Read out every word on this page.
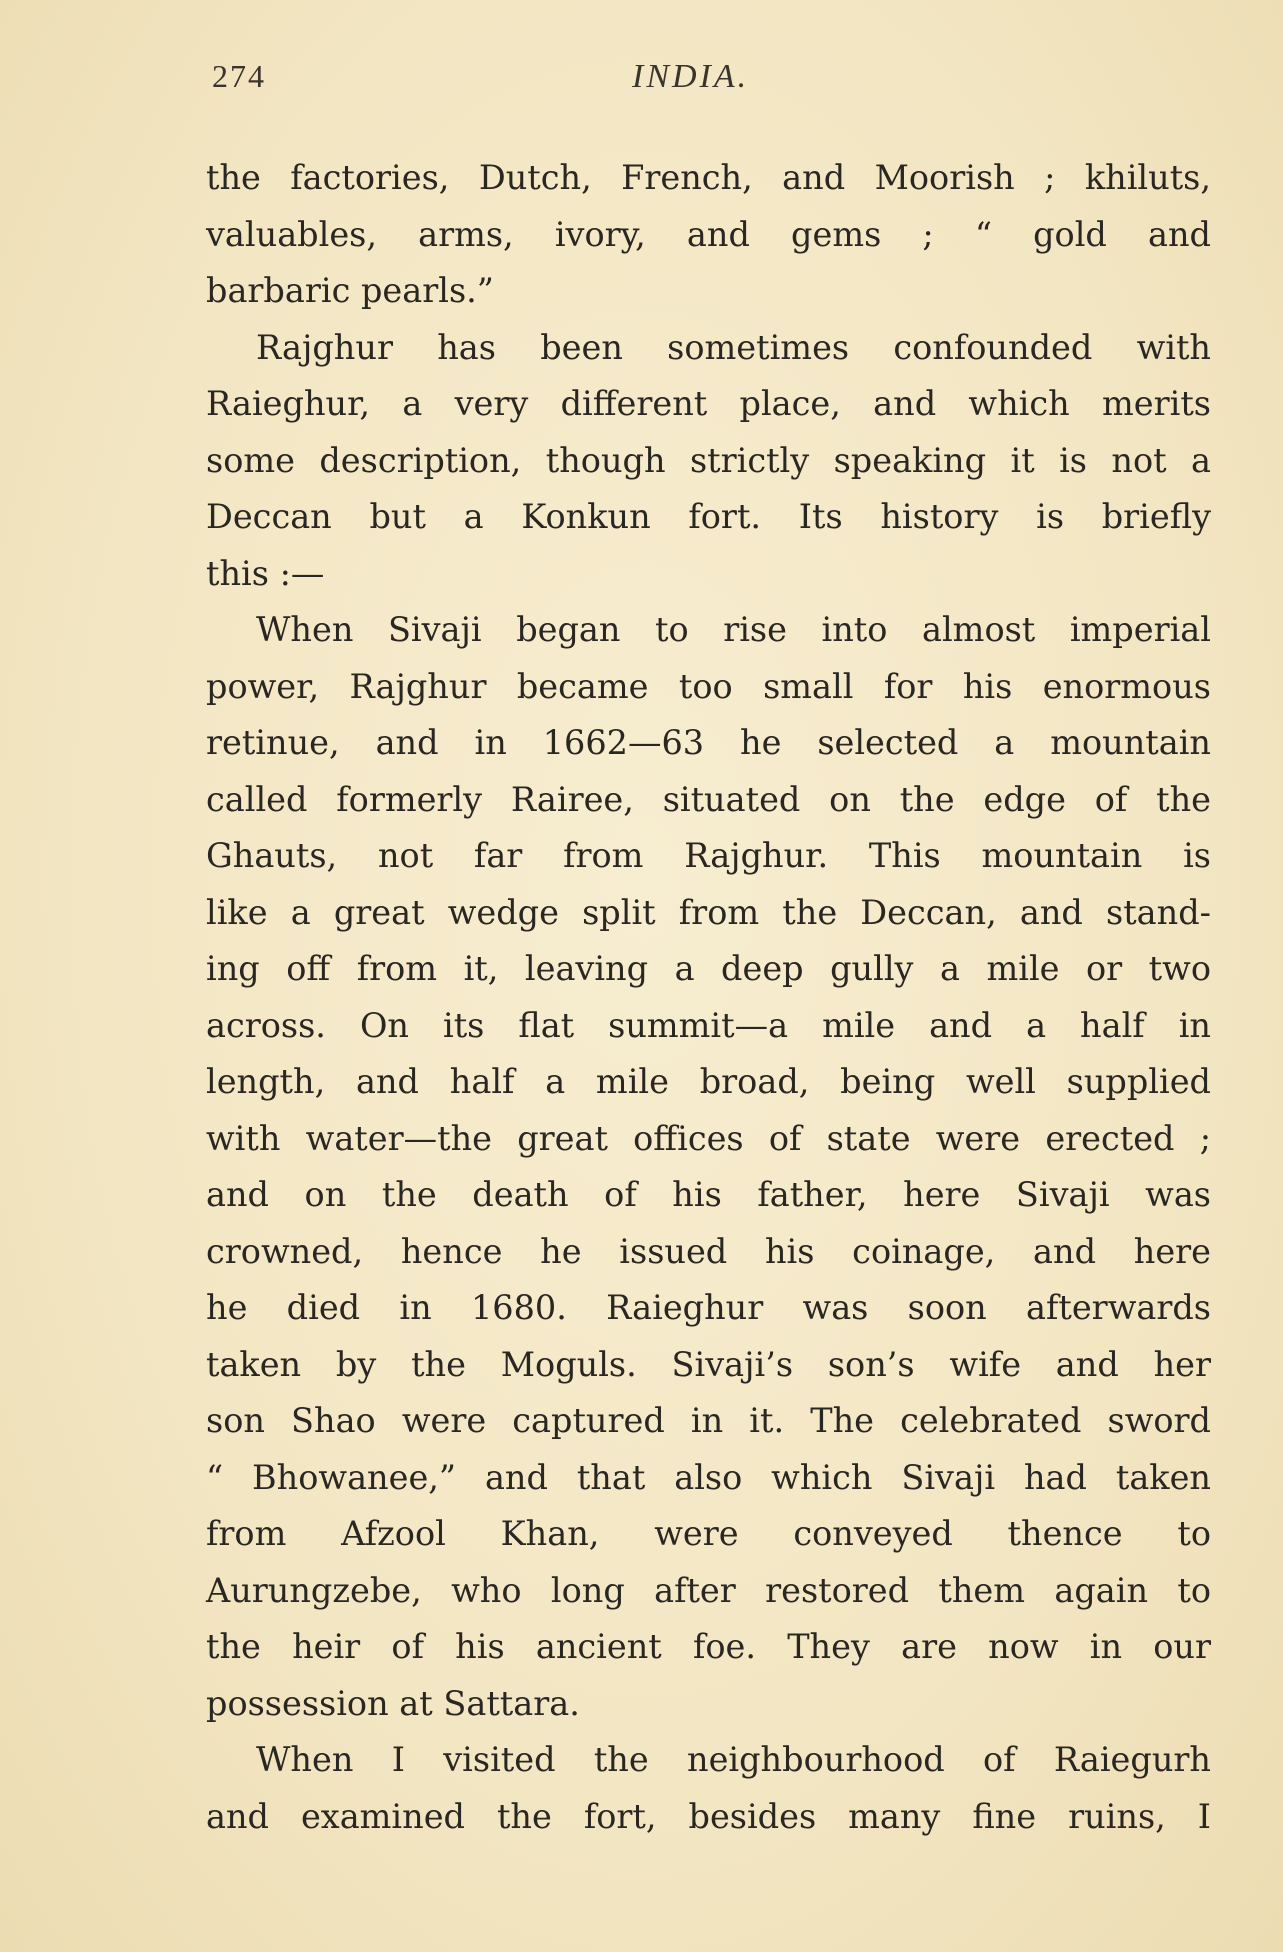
274	INDIA.
the factories, Dutch, French, and Moorish ; khiluts,
valuables, arms, ivory, and gems ; “ gold and
barbaric pearls.”
Rajghur has been sometimes confounded with
Raieghur, a very different place, and which merits
some description, though strictly speaking it is not a
Deccan but a Konkun fort. Its history is briefly
this :—
When Sivaji began to rise into almost imperial
power, Rajghur became too small for his enormous
retinue, and in 1662—63 he selected a mountain
called formerly Rairee, situated on the edge of the
Ghauts, not far from Rajghur. This mountain is
like a great wedge split from the Deccan, and stand-
ing off from it, leaving a deep gully a mile or two
across. On its flat summit—a mile and a half in
length, and half a mile broad, being well supplied
with water—the great offices of state were erected ;
and on the death of his father, here Sivaji was
crowned, hence he issued his coinage, and here
he died in 1680. Raieghur was soon afterwards
taken by the Moguls. Sivaji’s son’s wife and her
son Shao were captured in it. The celebrated sword
“ Bhowanee,” and that also which Sivaji had taken
from Afzool Khan, were conveyed thence to
Aurungzebe, who long after restored them again to
the heir of his ancient foe. They are now in our
possession at Sattara.
When I visited the neighbourhood of Raiegurh
and examined the fort, besides many fine ruins, I
